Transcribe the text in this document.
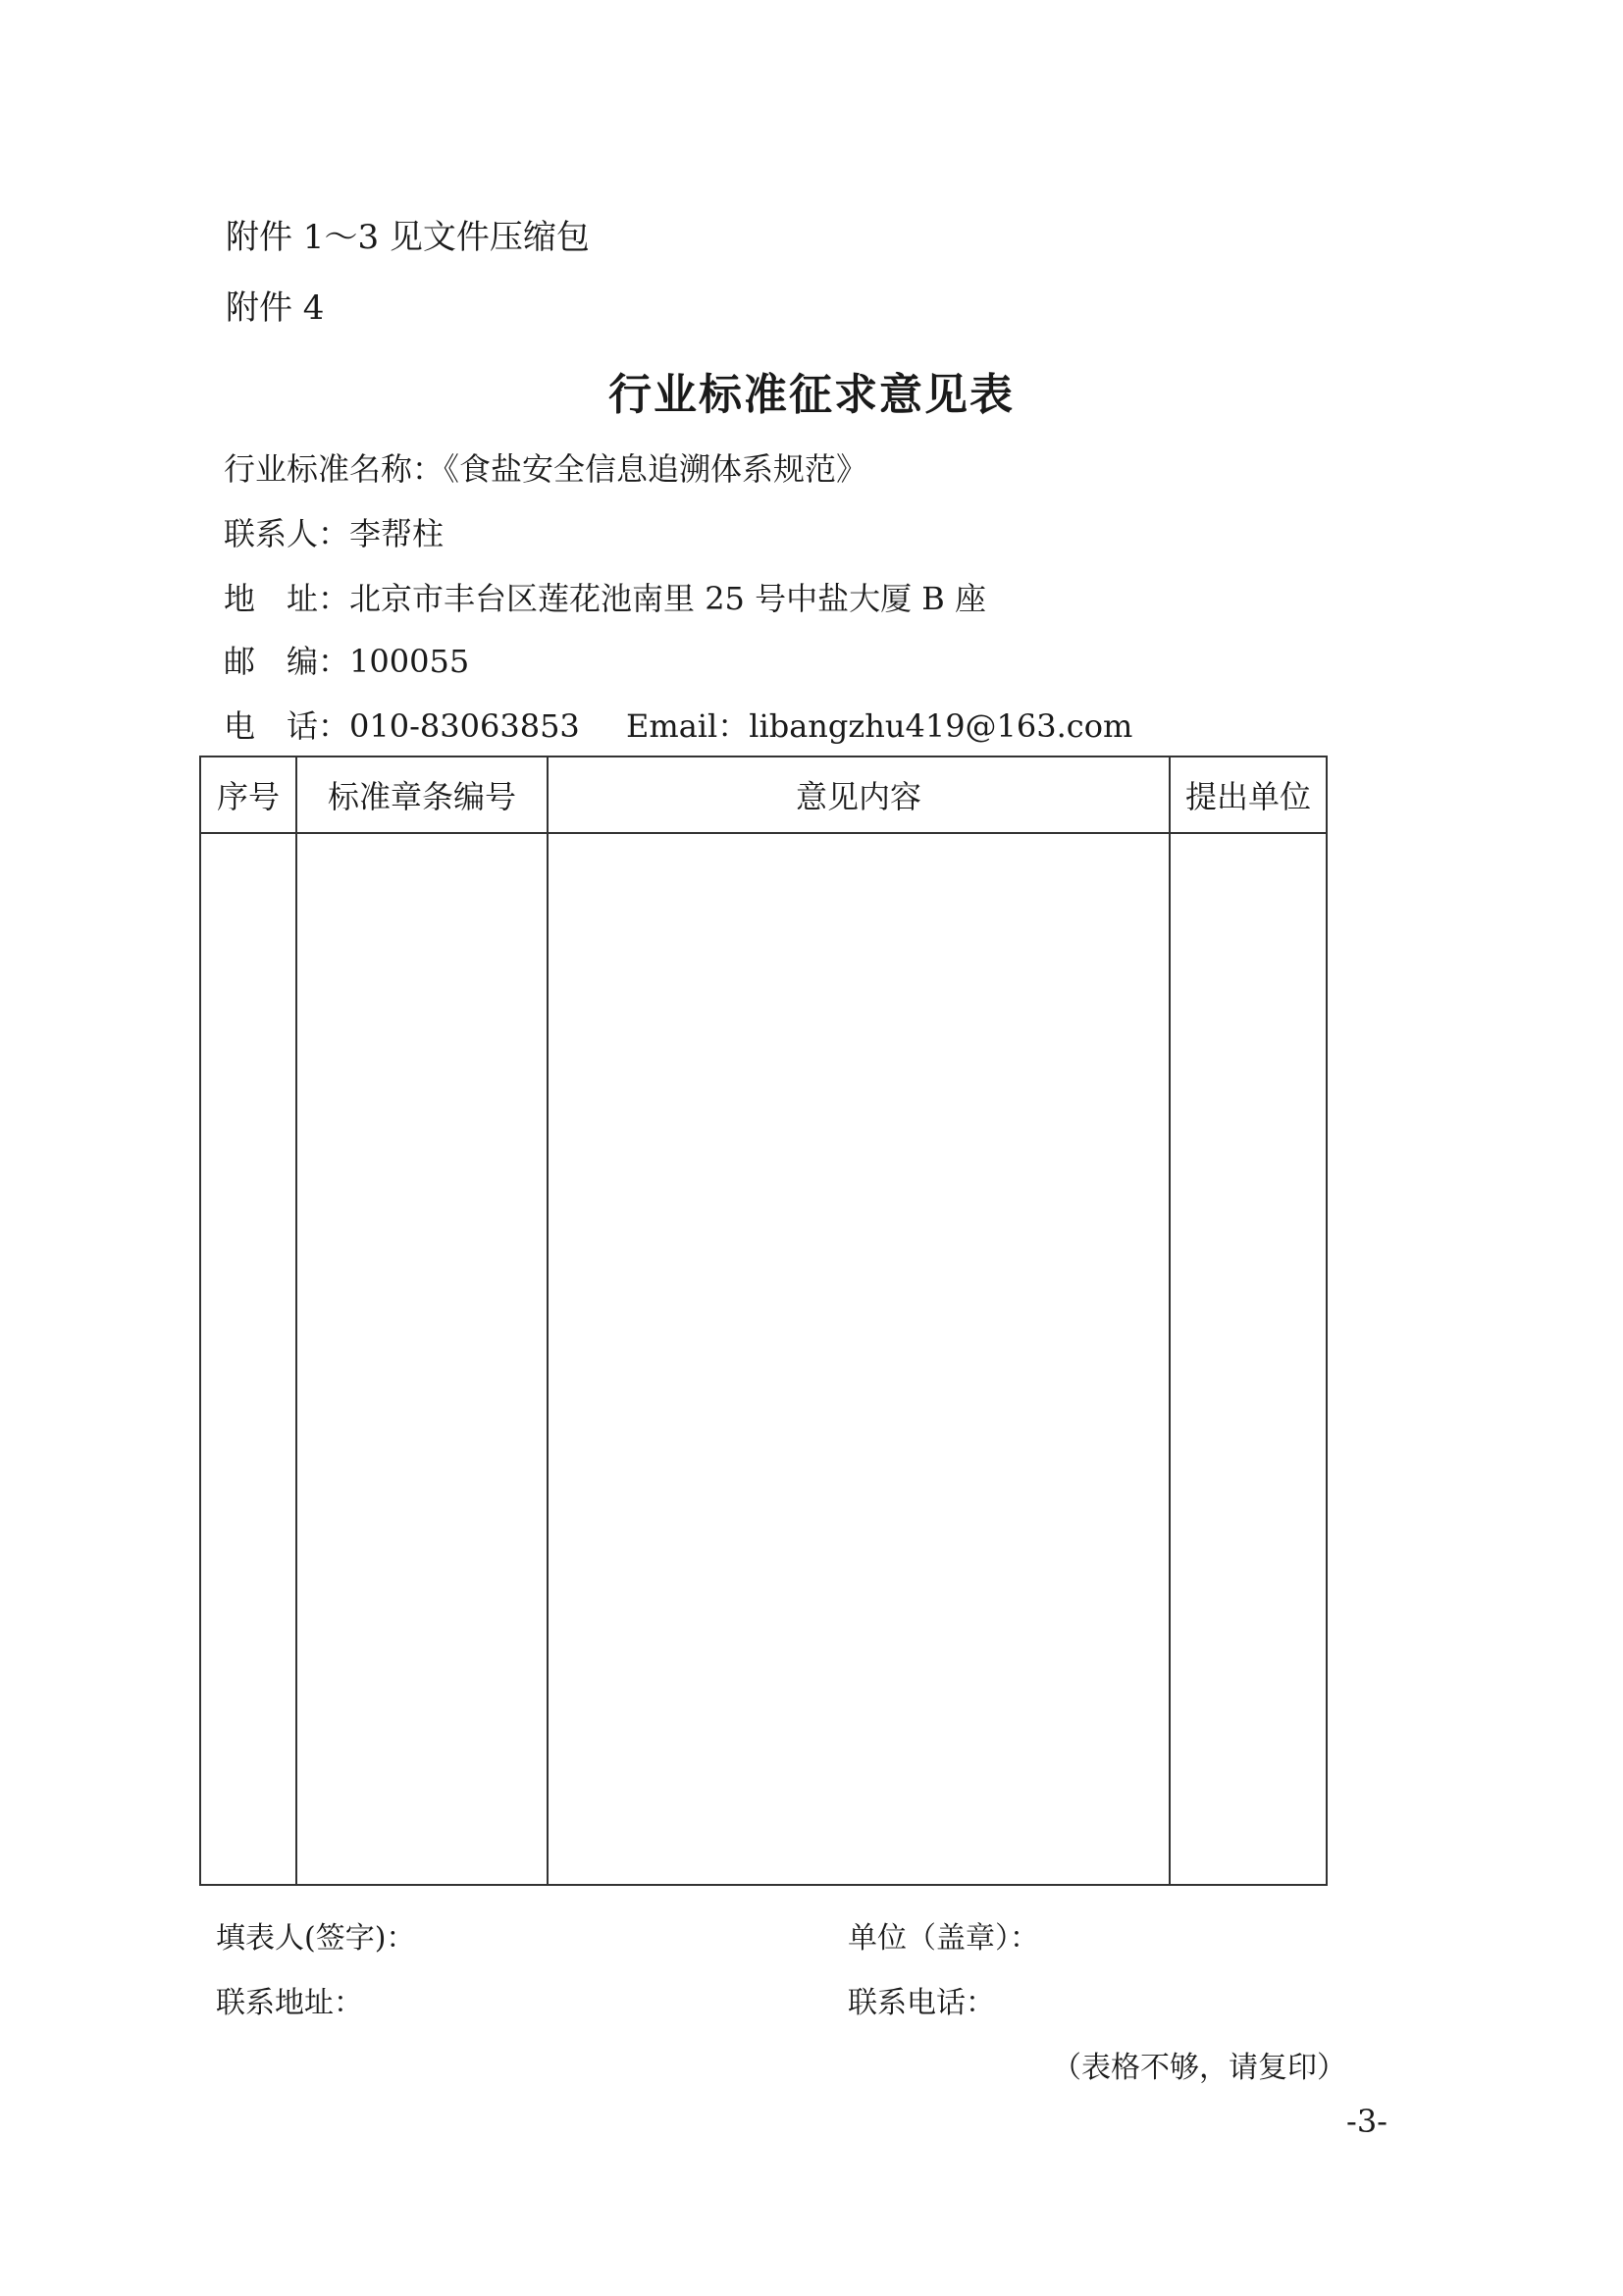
附件 1～3 见文件压缩包
附件 4
行业标准征求意见表
行业标准名称：《食盐安全信息追溯体系规范》
联系人：李帮柱
地　址：北京市丰台区莲花池南里 25 号中盐大厦 B 座
邮　编：100055
电　话：010-83063853 Email：libangzhu419@163.com
序号	标准章条编号	意见内容	提出单位

填表人(签字)：	单位（盖章）：
联系地址：	联系电话：
（表格不够，请复印）
-3-
